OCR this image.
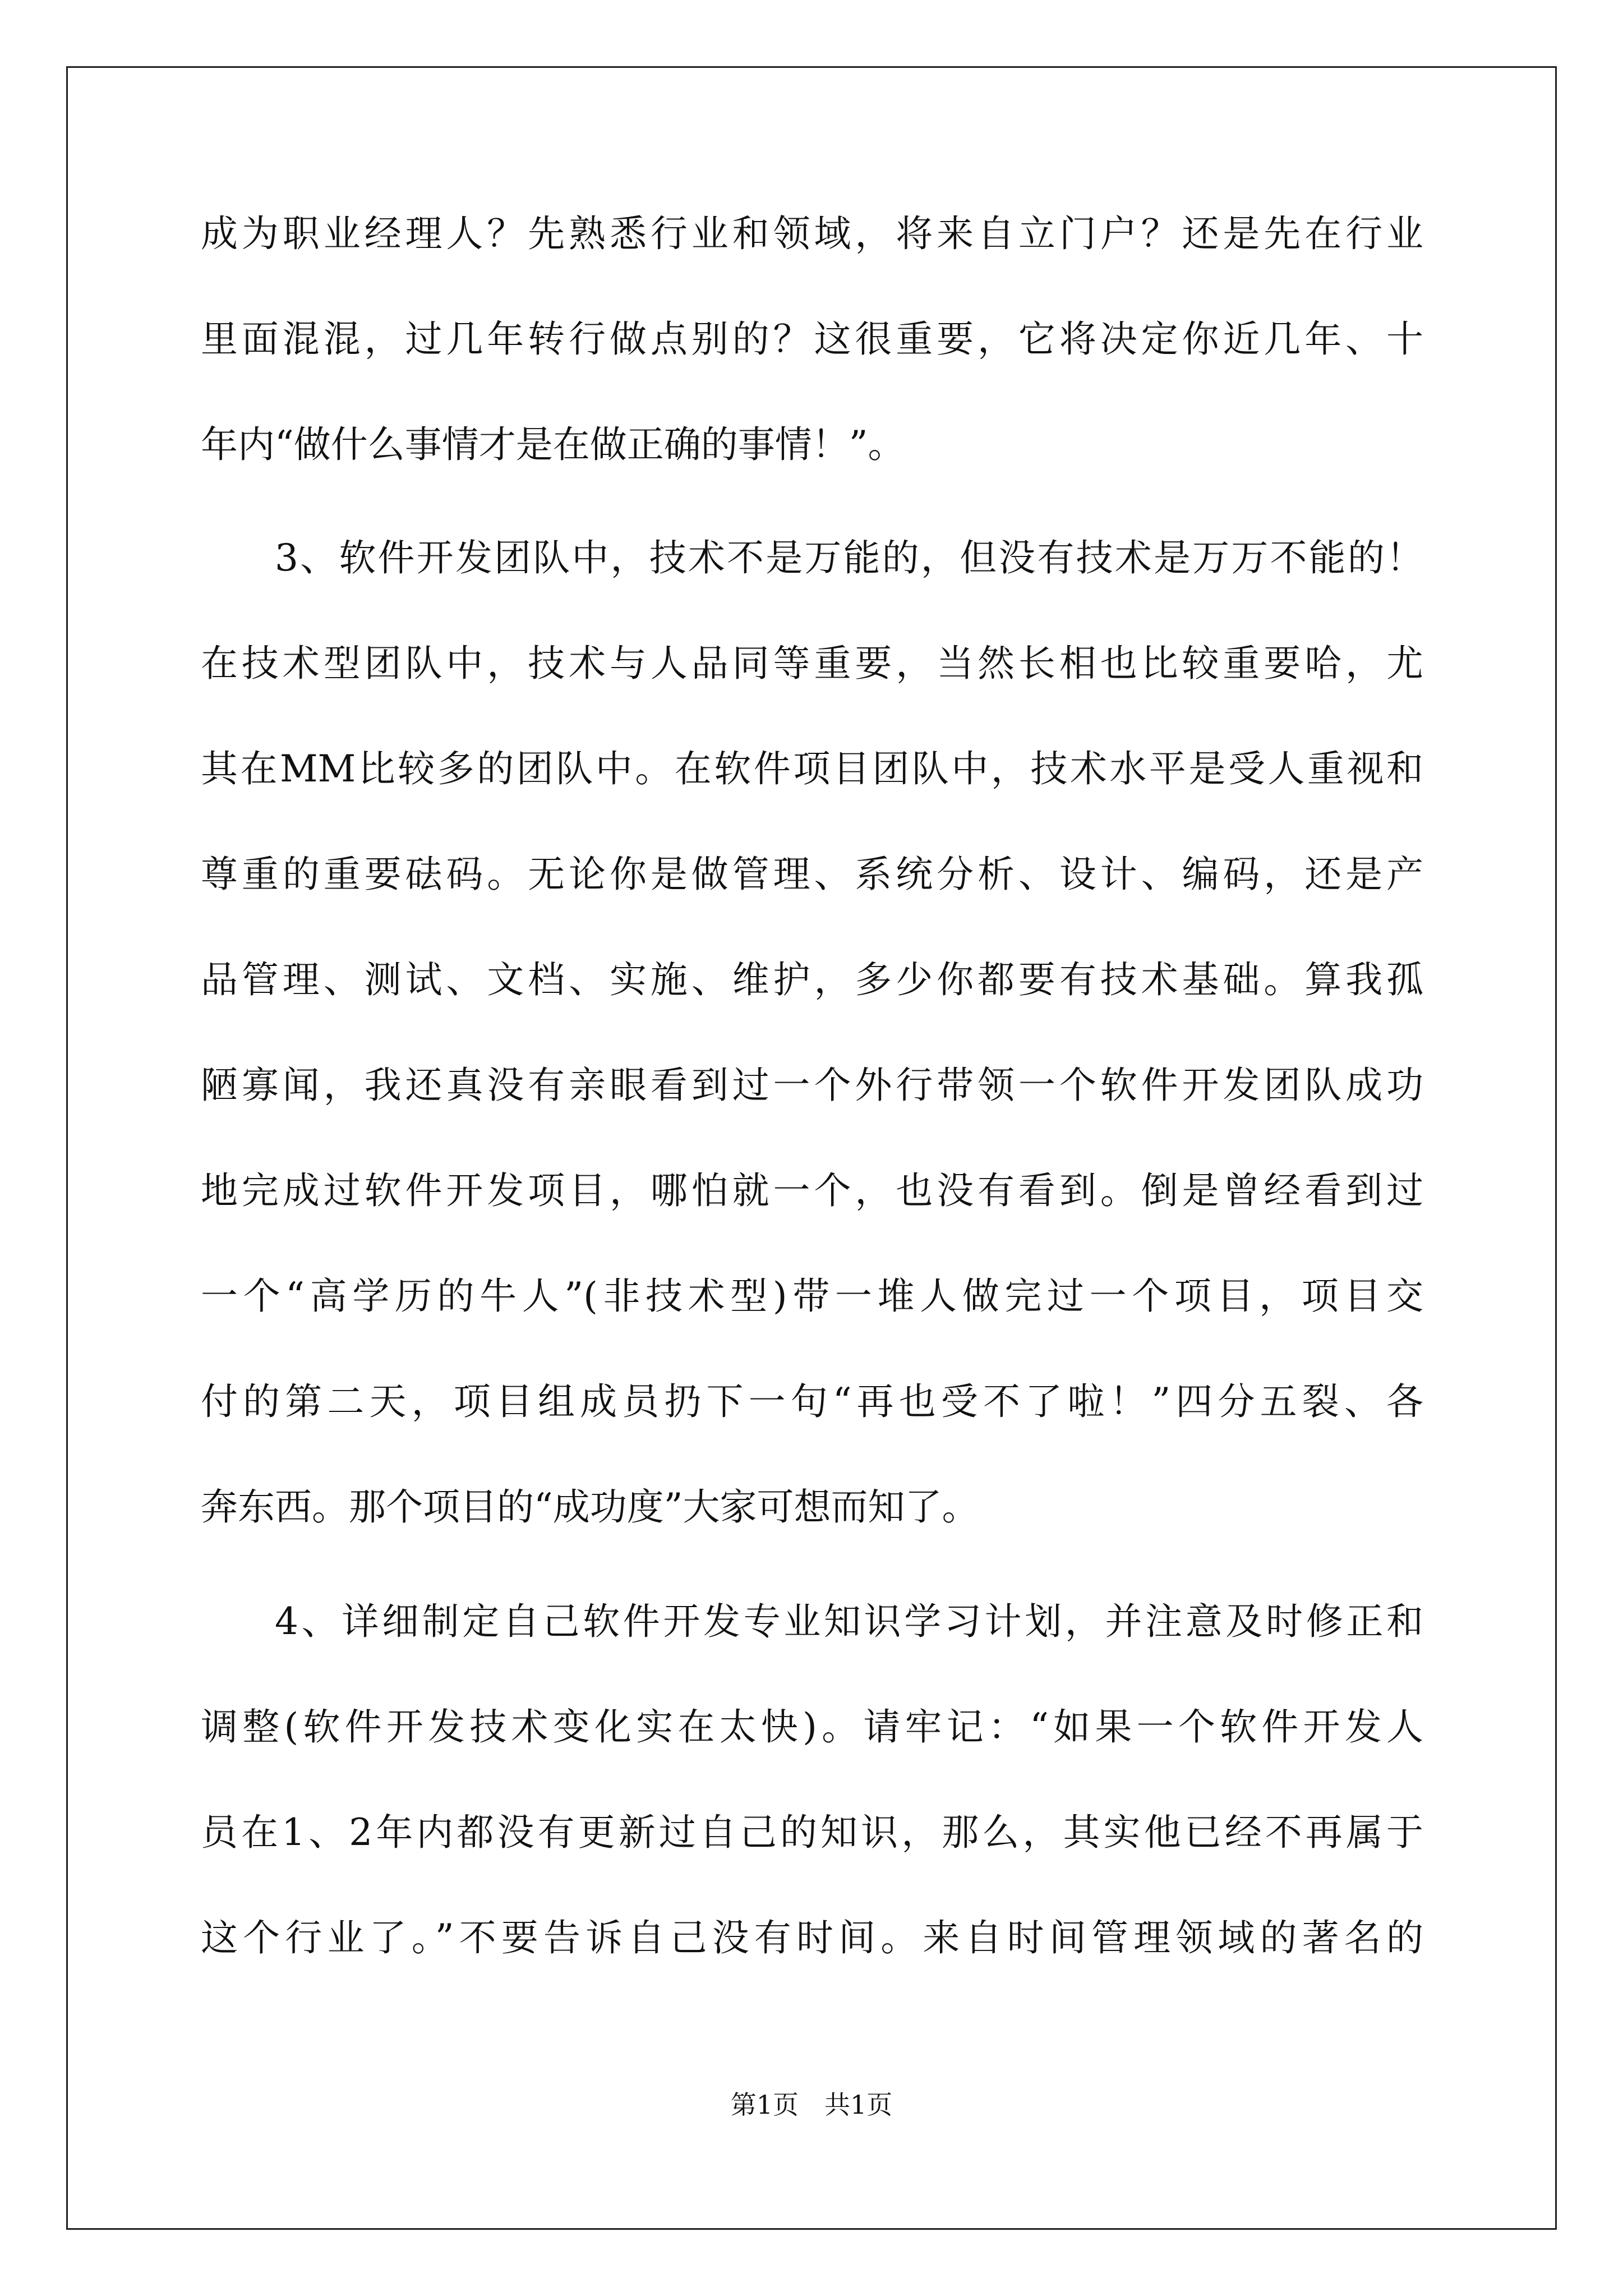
成为职业经理人？先熟悉行业和领域，将来自立门户？还是先在行业
里面混混，过几年转行做点别的？这很重要，它将决定你近几年、十
年内“做什么事情才是在做正确的事情！”。
3、软件开发团队中，技术不是万能的，但没有技术是万万不能的！
在技术型团队中，技术与人品同等重要，当然长相也比较重要哈，尤
其在MM比较多的团队中。在软件项目团队中，技术水平是受人重视和
尊重的重要砝码。无论你是做管理、系统分析、设计、编码，还是产
品管理、测试、文档、实施、维护，多少你都要有技术基础。算我孤
陋寡闻，我还真没有亲眼看到过一个外行带领一个软件开发团队成功
地完成过软件开发项目，哪怕就一个，也没有看到。倒是曾经看到过
一个“高学历的牛人”(非技术型)带一堆人做完过一个项目，项目交
付的第二天，项目组成员扔下一句“再也受不了啦！”四分五裂、各
奔东西。那个项目的“成功度”大家可想而知了。
4、详细制定自己软件开发专业知识学习计划，并注意及时修正和
调整(软件开发技术变化实在太快)。请牢记：“如果一个软件开发人
员在1、2年内都没有更新过自己的知识，那么，其实他已经不再属于
这个行业了。”不要告诉自己没有时间。来自时间管理领域的著名的
第1页　共1页
